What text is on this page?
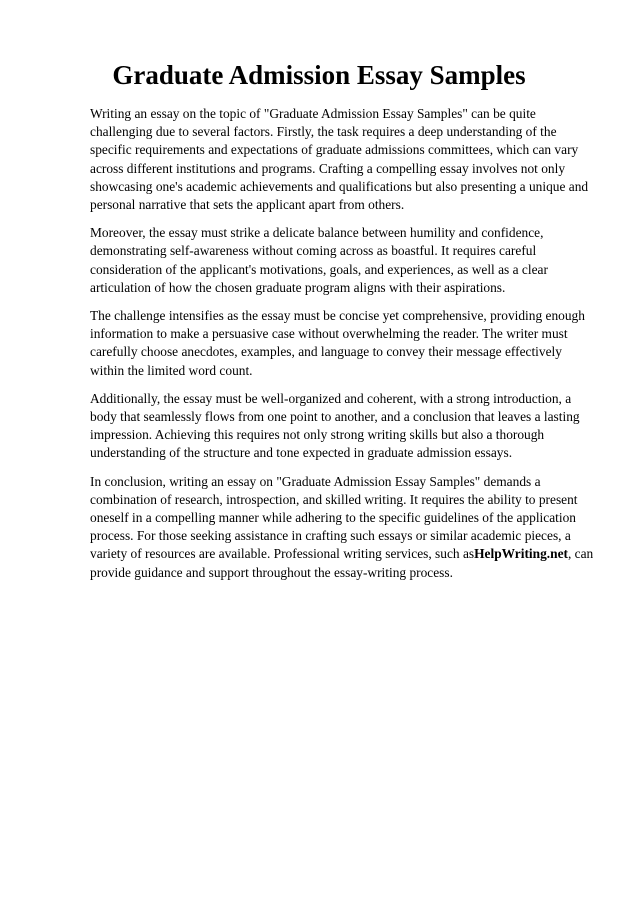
Graduate Admission Essay Samples

Writing an essay on the topic of "Graduate Admission Essay Samples" can be quite challenging due to several factors. Firstly, the task requires a deep understanding of the specific requirements and expectations of graduate admissions committees, which can vary across different institutions and programs. Crafting a compelling essay involves not only showcasing one's academic achievements and qualifications but also presenting a unique and personal narrative that sets the applicant apart from others.

Moreover, the essay must strike a delicate balance between humility and confidence, demonstrating self-awareness without coming across as boastful. It requires careful consideration of the applicant's motivations, goals, and experiences, as well as a clear articulation of how the chosen graduate program aligns with their aspirations.

The challenge intensifies as the essay must be concise yet comprehensive, providing enough information to make a persuasive case without overwhelming the reader. The writer must carefully choose anecdotes, examples, and language to convey their message effectively within the limited word count.

Additionally, the essay must be well-organized and coherent, with a strong introduction, a body that seamlessly flows from one point to another, and a conclusion that leaves a lasting impression. Achieving this requires not only strong writing skills but also a thorough understanding of the structure and tone expected in graduate admission essays.

In conclusion, writing an essay on "Graduate Admission Essay Samples" demands a combination of research, introspection, and skilled writing. It requires the ability to present oneself in a compelling manner while adhering to the specific guidelines of the application process. For those seeking assistance in crafting such essays or similar academic pieces, a variety of resources are available. Professional writing services, such asHelpWriting.net, can provide guidance and support throughout the essay-writing process.
